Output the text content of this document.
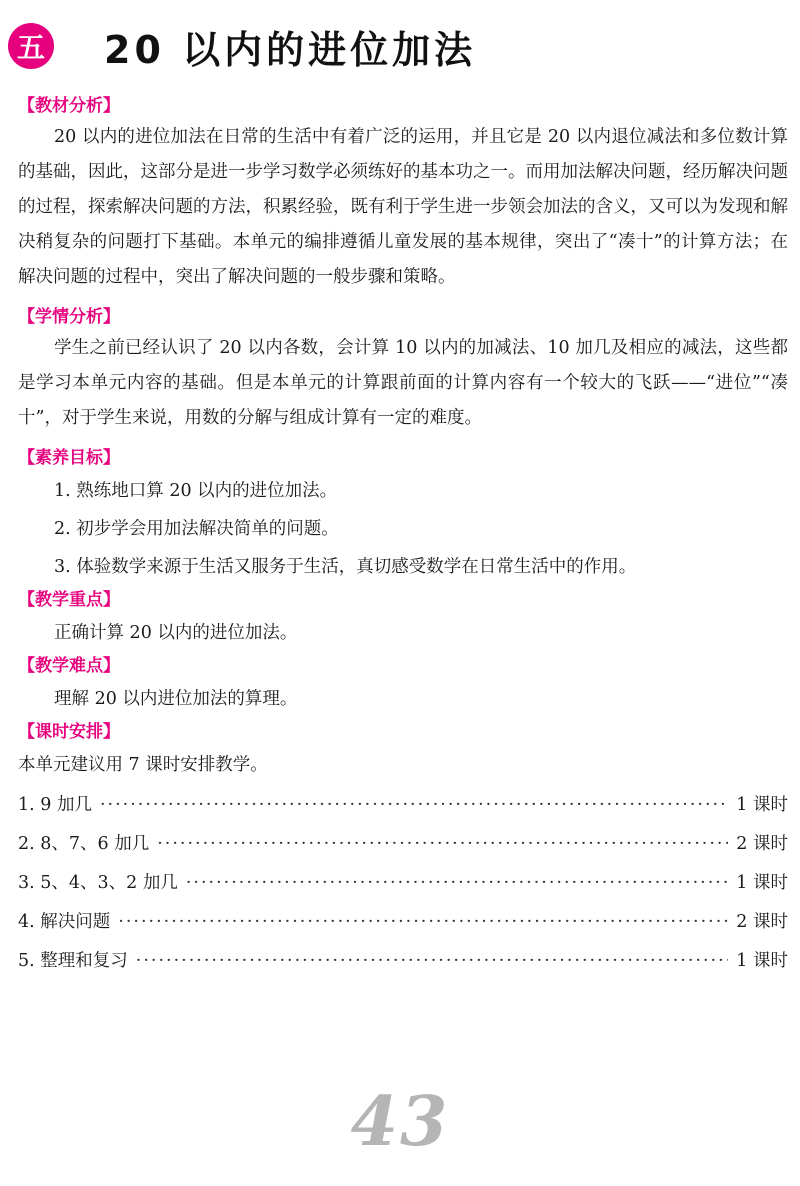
五 20 以内的进位加法
【教材分析】

20 以内的进位加法在日常的生活中有着广泛的运用，并且它是 20 以内退位减法和多位数计算的基础，因此，这部分是进一步学习数学必须练好的基本功之一。而用加法解决问题，经历解决问题的过程，探索解决问题的方法，积累经验，既有利于学生进一步领会加法的含义，又可以为发现和解决稍复杂的问题打下基础。本单元的编排遵循儿童发展的基本规律，突出了“凑十”的计算方法；在解决问题的过程中，突出了解决问题的一般步骤和策略。

【学情分析】

学生之前已经认识了 20 以内各数，会计算 10 以内的加减法、10 加几及相应的减法，这些都是学习本单元内容的基础。但是本单元的计算跟前面的计算内容有一个较大的飞跃——“进位”“凑十”，对于学生来说，用数的分解与组成计算有一定的难度。

【素养目标】
1. 熟练地口算 20 以内的进位加法。
2. 初步学会用加法解决简单的问题。
3. 体验数学来源于生活又服务于生活，真切感受数学在日常生活中的作用。
【教学重点】
正确计算 20 以内的进位加法。
【教学难点】
理解 20 以内进位加法的算理。
【课时安排】
本单元建议用 7 课时安排教学。
1. 9 加几 ·····	1 课时
2. 8、7、6 加几 ·····	2 课时
3. 5、4、3、2 加几 ·····	1 课时
4. 解决问题 ·····	2 课时
5. 整理和复习 ·····	1 课时
43
